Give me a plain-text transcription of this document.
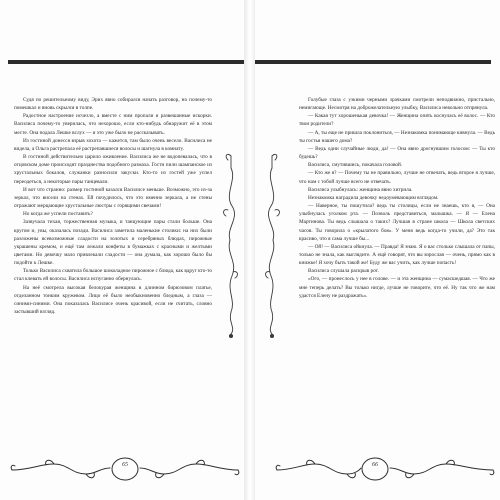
Судя по решительному виду, Эрих явно собирался начать разговор, но почему-то помешкал и вновь скрылся в толпе.

Радостное настроение исчезло, а вместе с ним пропали и развешанные искорки. Василиса почему-то уверилась, что нехорошо, если кто-нибудь обнаружит её в этом месте. Она подала Лешке вслух — и это уже было не рассказывать.

Из гостиной донесся взрыв хохота — кажется, там было очень весело. Василиса не видела, а Ольга растрепала её растрепавшиеся волосы и шагнула в комнату.

В гостиной действительно царило оживление. Василиса же не водопевалась, что в отцовском доме происходят празднества подобного размаха. Гости пили шампанское из хрустальных бокалов, служанки разносили закуски. Кто-то из гостей уже успел переодеться, а некоторые пары танцевали.

И вот что странно: размер гостиной казался Василисе меньше. Возможно, это из-за зеркал, что висели на стенах. Ей почудилось, что это именно зеркала, а не стены отражают мерцающие хрустальные люстры с горящими свечами!

Но когда же успели поставить?

Зазвучала тихая, торжественная музыка, и танцующие пары стали больше. Она кругом и, увы, оказалась позади. Василиса заметила маленькие столики: на них были разложены всевозможные сладости на золотых и серебряных блюдах, пирожные украшены кремом, и ещё там лежали конфеты в бумажках с красными и желтыми цветами. Но девочку мало привлекали сладости — она думала, как хорошо было бы подойти к Лешке.

Только Василиса схватила большое шоколадное пирожное с блюда, как вдруг кто-то стал клевать ей волосы. Василиса испуганно обернулась.

На неё смотрела высокая белокурая женщина в длинном бирюзовом платье, отделанном тонким кружевом. Лицо её было необыкновенно бледным, а глаза — синими-синими. Она показалась Василисе очень красивой, если не считать, словно застывший взгляд.

65

Голубые глаза с узкими черными зрачками смотрели неподвижно, пристально, немигающе. Несмотря на доброжелательную улыбку, Василиса невольно отпрянула.

— Какая тут хорошенькая девочка! — Женщина опять коснулась её волос. — Кто твои родители?

— А, ты еще не пришла поклониться, — Незнакомка понимающе кивнула. — Ведь ты гостья нашего дома?

— Ведь одни случайные люди, да! — Она явно дрогнувшим голосом: — Ты кто будешь?

Василиса, смутившись, покачала головой.

— Кто же я? — Почему ты не правильно, лучше не отвечать, ведь второе я лучше, что нам с тобой лучше всего не отвечать.

Василиса улыбнулась: женщина явно хитрила.

Незнакомка наградила девочку недоумевающим взглядом.

— Наверное, ты пошутила? ведь ты столицы, если не знаешь, кто я, — Она улыбнулась уголком рта. — Позволь представиться, малышка. — Я — Елена Мартинова. Ты ведь слышала о таких? Лучшая в стране школа — Школа светских часов. Ты говорила о «крылатого боя». У меня ведь когда-то учили, да? Это так красиво, что я сама лучше бы...

— Ой! — Василиса ойкнула. — Правда! Я знаю. Я о вас столько слышала от папы, только не знала, как выглядите. А ещё говорят, что вы взрослая — очень, прямо как в книжке! Я хочу быть такой же! Буду же вас учить, как лучше попасть!

Василиса слушала раскрыв рот.

«Ого, — пронеслось у нее в голове. — и эта женщина — сумасшедшая. — Что же мне теперь делать? Вы только нигде, лучше не говорите, что её. Ну так что же нам удастся Елену не раздражать».

66
